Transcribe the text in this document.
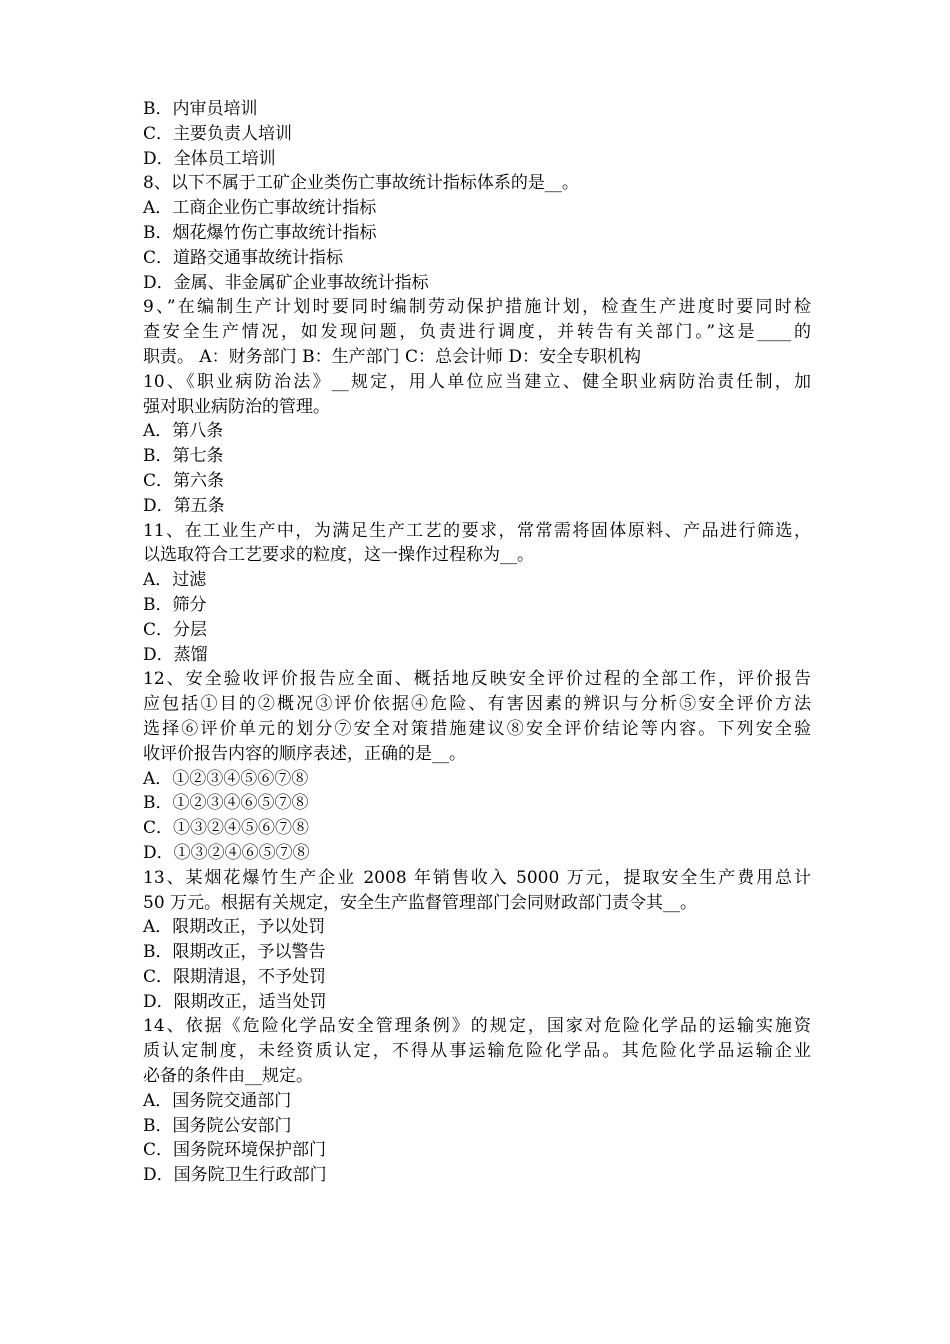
B．内审员培训
C．主要负责人培训
D．全体员工培训
8、以下不属于工矿企业类伤亡事故统计指标体系的是__。
A．工商企业伤亡事故统计指标
B．烟花爆竹伤亡事故统计指标
C．道路交通事故统计指标
D．金属、非金属矿企业事故统计指标
9、”在编制生产计划时要同时编制劳动保护措施计划，检查生产进度时要同时检
查安全生产情况，如发现问题，负责进行调度，并转告有关部门。”这是____的
职责。 A：财务部门 B：生产部门 C：总会计师 D：安全专职机构
10、《职业病防治法》__规定，用人单位应当建立、健全职业病防治责任制，加
强对职业病防治的管理。
A．第八条
B．第七条
C．第六条
D．第五条
11、在工业生产中，为满足生产工艺的要求，常常需将固体原料、产品进行筛选，
以选取符合工艺要求的粒度，这一操作过程称为__。
A．过滤
B．筛分
C．分层
D．蒸馏
12、安全验收评价报告应全面、概括地反映安全评价过程的全部工作，评价报告
应包括①目的②概况③评价依据④危险、有害因素的辨识与分析⑤安全评价方法
选择⑥评价单元的划分⑦安全对策措施建议⑧安全评价结论等内容。下列安全验
收评价报告内容的顺序表述，正确的是__。
A．①②③④⑤⑥⑦⑧
B．①②③④⑥⑤⑦⑧
C．①③②④⑤⑥⑦⑧
D．①③②④⑥⑤⑦⑧
13、某烟花爆竹生产企业 2008 年销售收入 5000 万元，提取安全生产费用总计
50 万元。根据有关规定，安全生产监督管理部门会同财政部门责令其__。
A．限期改正，予以处罚
B．限期改正，予以警告
C．限期清退，不予处罚
D．限期改正，适当处罚
14、依据《危险化学品安全管理条例》的规定，国家对危险化学品的运输实施资
质认定制度，未经资质认定，不得从事运输危险化学品。其危险化学品运输企业
必备的条件由__规定。
A．国务院交通部门
B．国务院公安部门
C．国务院环境保护部门
D．国务院卫生行政部门
